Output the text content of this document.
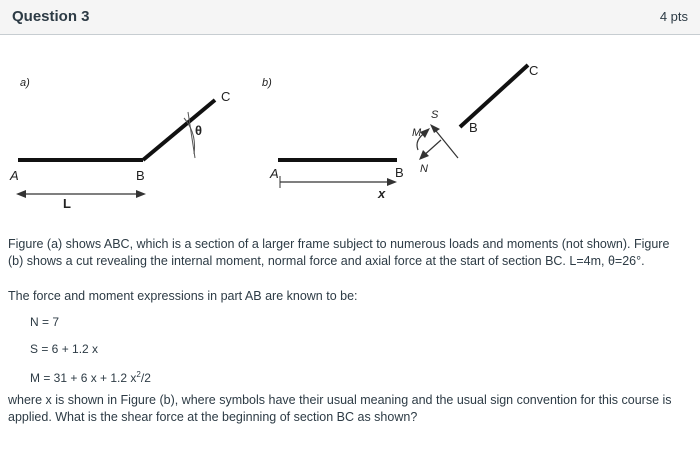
Question 3	4 pts
a)
A	B
C
θ
L
b)
x
A	B
B
C
M
S
N

Figure (a) shows ABC, which is a section of a larger frame subject to numerous loads and moments (not shown). Figure (b) shows a cut revealing the internal moment, normal force and axial force at the start of section BC. L=4m, θ=26°.

The force and moment expressions in part AB are known to be:

N = 7

S = 6 + 1.2 x

M = 31 + 6 x + 1.2 $x^2/2$

where x is shown in Figure (b), where symbols have their usual meaning and the usual sign convention for this course is applied. What is the shear force at the beginning of section BC as shown?
